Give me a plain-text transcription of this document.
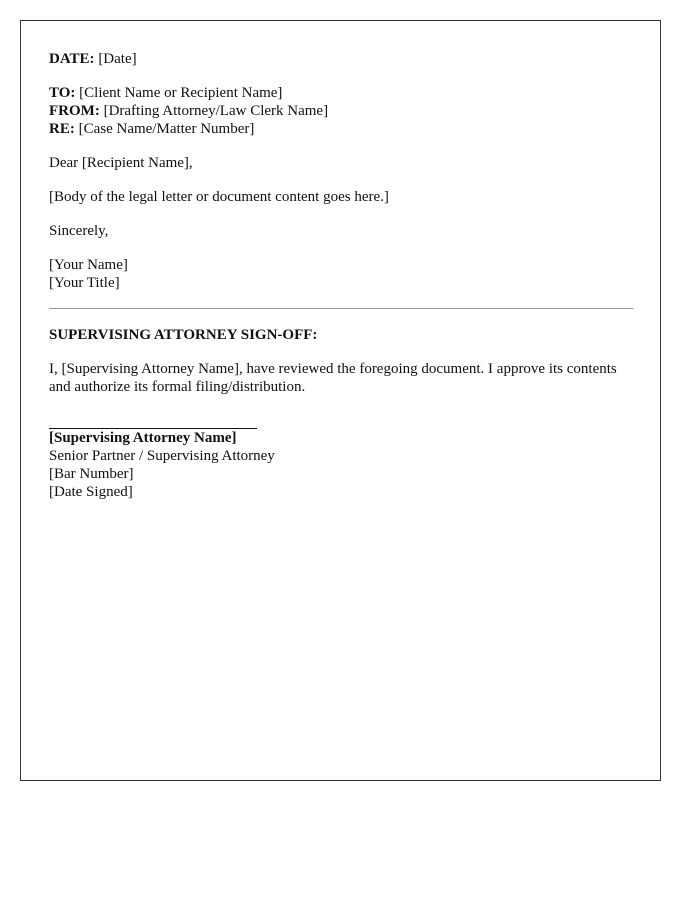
DATE: [Date]

TO: [Client Name or Recipient Name]

FROM: [Drafting Attorney/Law Clerk Name]

RE: [Case Name/Matter Number]

Dear [Recipient Name],

[Body of the legal letter or document content goes here.]

Sincerely,

[Your Name]

[Your Title]

SUPERVISING ATTORNEY SIGN-OFF:

I, [Supervising Attorney Name], have reviewed the foregoing document. I approve its contents and authorize its formal filing/distribution.

[Supervising Attorney Name]

Senior Partner / Supervising Attorney

[Bar Number]

[Date Signed]
